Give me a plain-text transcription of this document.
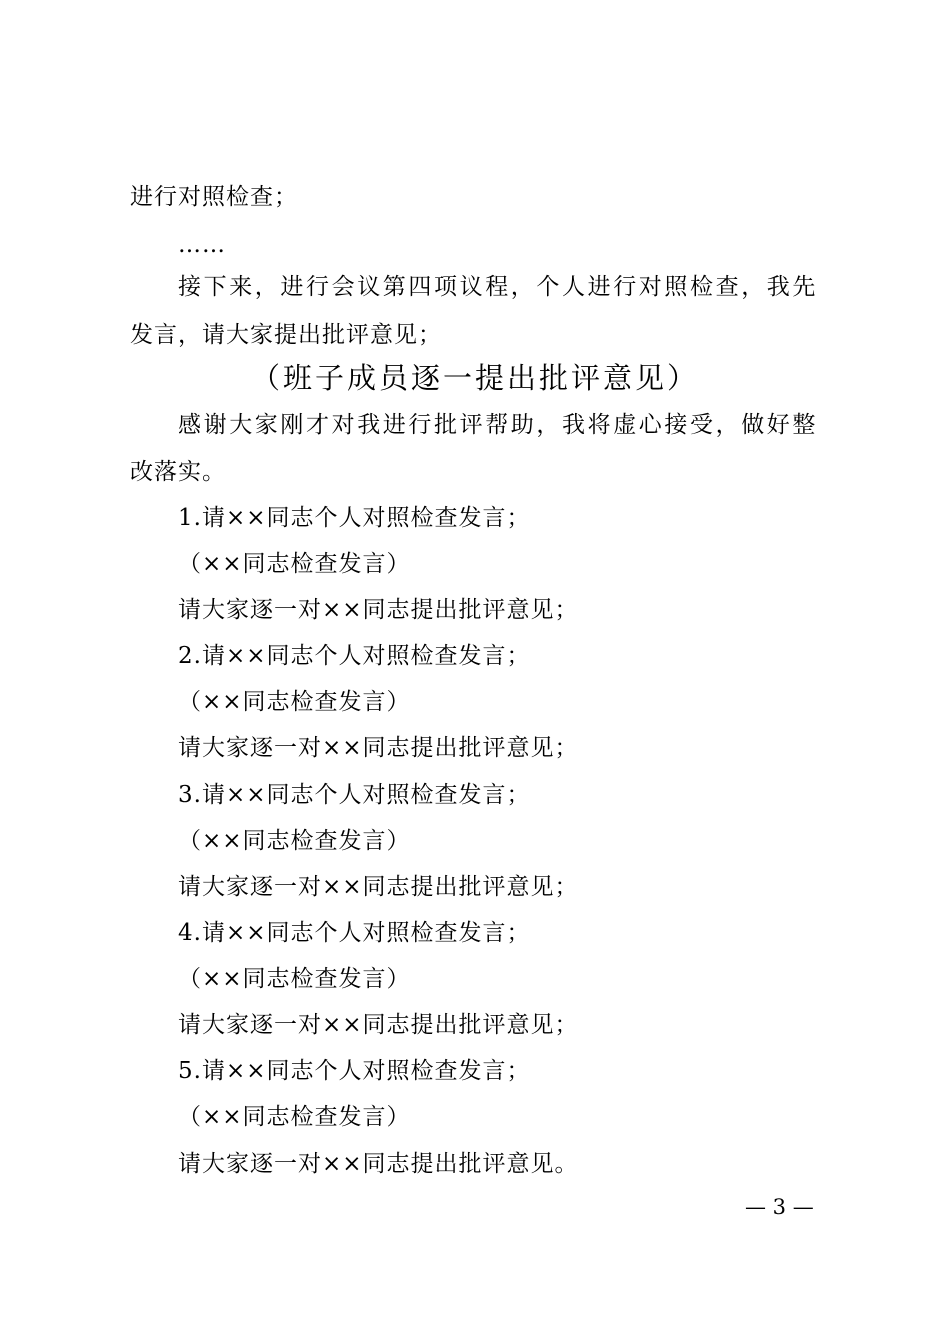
进行对照检查；
……
接下来，进行会议第四项议程，个人进行对照检查，我先
发言，请大家提出批评意见；
（班子成员逐一提出批评意见）
感谢大家刚才对我进行批评帮助，我将虚心接受，做好整
改落实。
1.请××同志个人对照检查发言；
（××同志检查发言）
请大家逐一对××同志提出批评意见；
2.请××同志个人对照检查发言；
（××同志检查发言）
请大家逐一对××同志提出批评意见；
3.请××同志个人对照检查发言；
（××同志检查发言）
请大家逐一对××同志提出批评意见；
4.请××同志个人对照检查发言；
（××同志检查发言）
请大家逐一对××同志提出批评意见；
5.请××同志个人对照检查发言；
（××同志检查发言）
请大家逐一对××同志提出批评意见。
— 3 —
